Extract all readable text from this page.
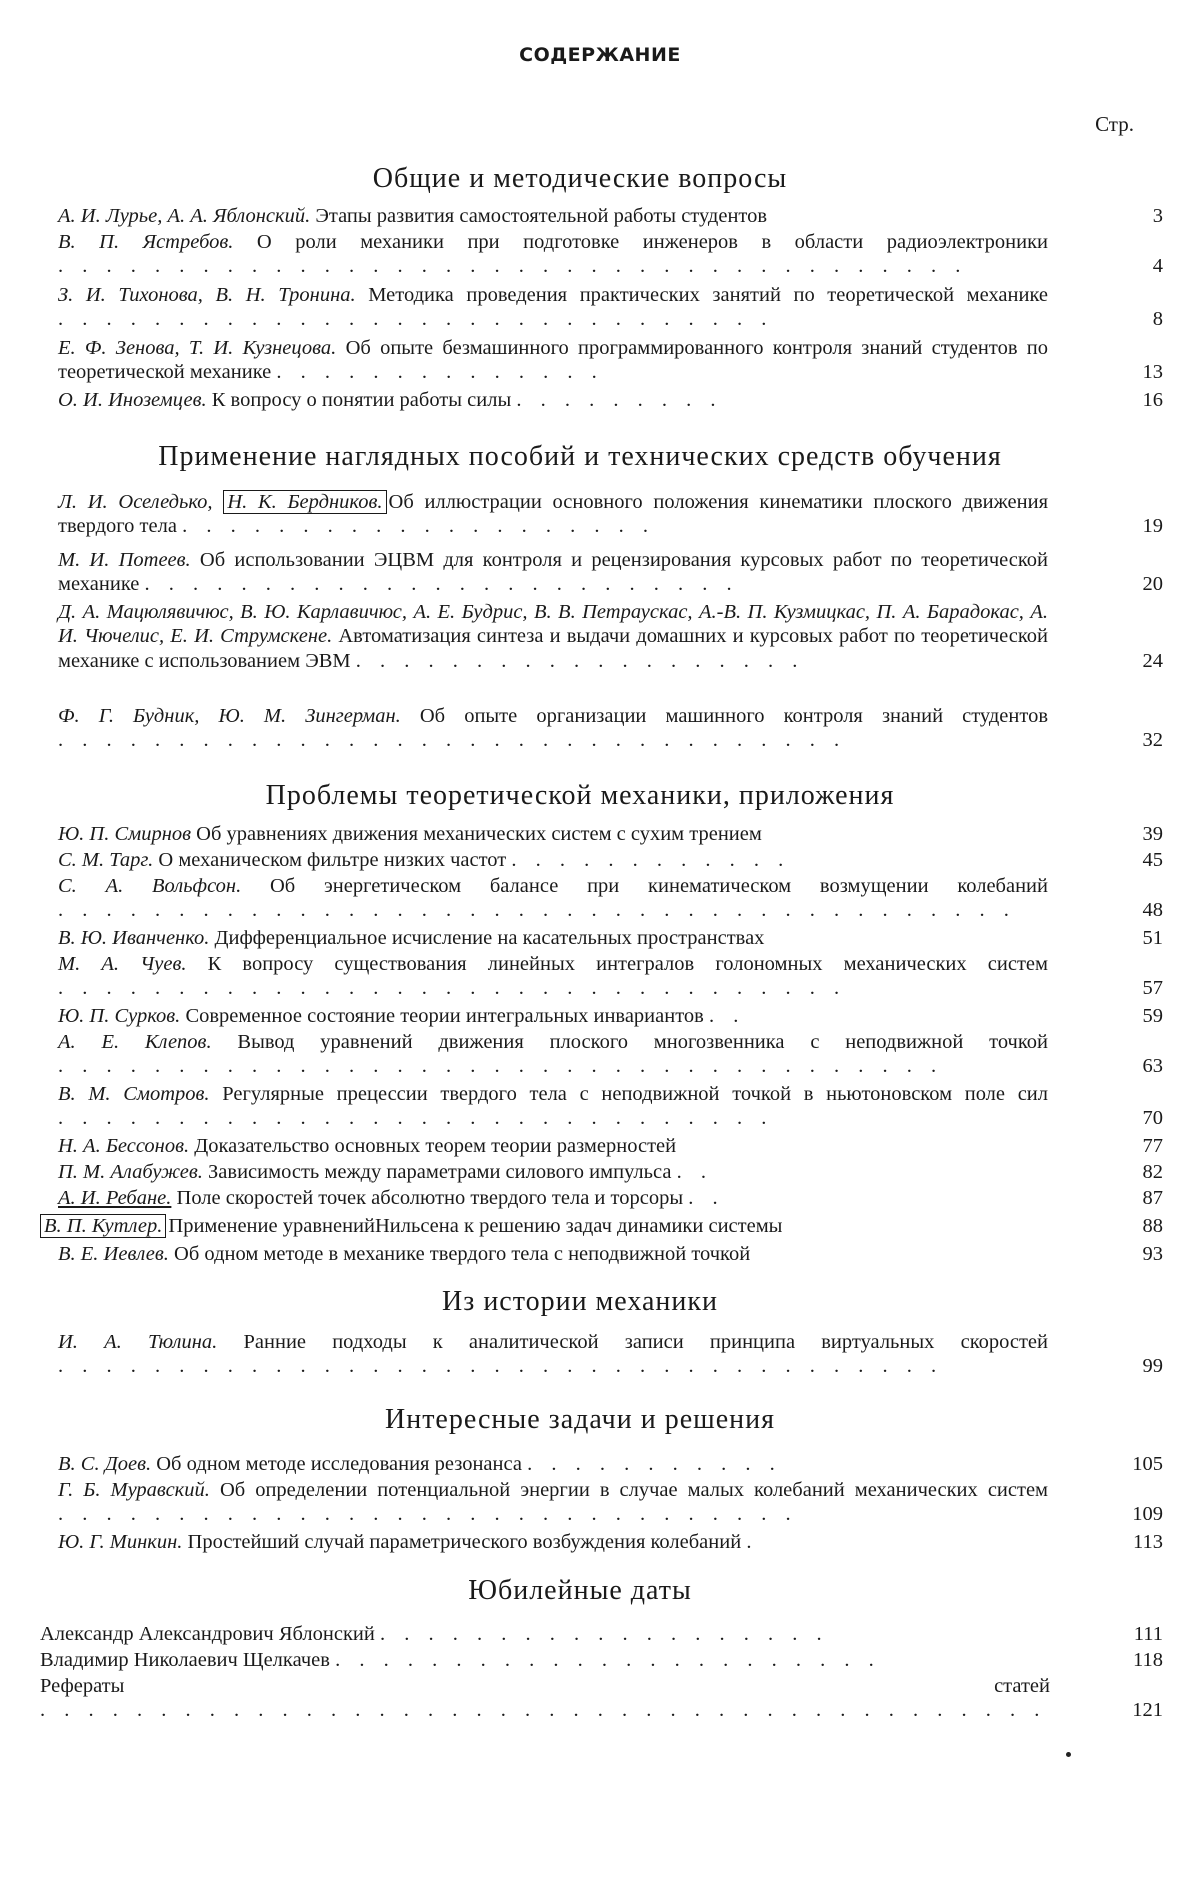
СОДЕРЖАНИЕ
Стр.
Общие и методические вопросы
А. И. Лурье, А. А. Яблонский. Этапы развития самостоятельной работы студентов	3
В. П. Ястребов. О роли механики при подготовке инженеров в области радиоэлектроники . . . . . . . . . . . . . . . . . . . . . . . . . . . . . . . . . . . . . .	4
З. И. Тихонова, В. Н. Тронина. Методика проведения практических занятий по теоретической механике . . . . . . . . . . . . . . . . . . . . . . . . . . . . . .	8
Е. Ф. Зенова, Т. И. Кузнецова. Об опыте безмашинного программированного контроля знаний студентов по теоретической механике . . . . . . . . . . . . . .	13
О. И. Иноземцев. К вопросу о понятии работы силы . . . . . . . . .	16
Применение наглядных пособий и технических средств обучения
Л. И. Оселедько, Н. К. Бердников. Об иллюстрации основного положения кинематики плоского движения твердого тела . . . . . . . . . . . . . . . . . . . .	19
М. И. Потеев. Об использовании ЭЦВМ для контроля и рецензирования курсовых работ по теоретической механике . . . . . . . . . . . . . . . . . . . . . . . . .	20
Д. А. Мацюлявичюс, В. Ю. Карлавичюс, А. Е. Будрис, В. В. Петраускас, А.-В. П. Кузмицкас, П. А. Барадокас, А. И. Чючелис, Е. И. Струмскене. Автоматизация синтеза и выдачи домашних и курсовых работ по теоретической механике с использованием ЭВМ . . . . . . . . . . . . . . . . . . .	24
Ф. Г. Будник, Ю. М. Зингерман. Об опыте организации машинного контроля знаний студентов . . . . . . . . . . . . . . . . . . . . . . . . . . . . . . . . .	32
Проблемы теоретической механики, приложения
Ю. П. Смирнов Об уравнениях движения механических систем с сухим трением	39
С. М. Тарг. О механическом фильтре низких частот . . . . . . . . . . . .	45
С. А. Вольфсон. Об энергетическом балансе при кинематическом возмущении колебаний . . . . . . . . . . . . . . . . . . . . . . . . . . . . . . . . . . . . . . . .	48
В. Ю. Иванченко. Дифференциальное исчисление на касательных пространствах	51
М. А. Чуев. К вопросу существования линейных интегралов голономных механических систем . . . . . . . . . . . . . . . . . . . . . . . . . . . . . . . . .	57
Ю. П. Сурков. Современное состояние теории интегральных инвариантов . .	59
А. Е. Клепов. Вывод уравнений движения плоского многозвенника с неподвижной точкой . . . . . . . . . . . . . . . . . . . . . . . . . . . . . . . . . . . . .	63
В. М. Смотров. Регулярные прецессии твердого тела с неподвижной точкой в ньютоновском поле сил . . . . . . . . . . . . . . . . . . . . . . . . . . . . . .	70
Н. А. Бессонов. Доказательство основных теорем теории размерностей	77
П. М. Алабужев. Зависимость между параметрами силового импульса . .	82
А. И. Ребане. Поле скоростей точек абсолютно твердого тела и торсоры . .	87
В. П. Кутлер. Применение уравненийНильсена к решению задач динамики системы	88
В. Е. Иевлев. Об одном методе в механике твердого тела с неподвижной точкой	93
Из истории механики
И. А. Тюлина. Ранние подходы к аналитической записи принципа виртуальных скоростей . . . . . . . . . . . . . . . . . . . . . . . . . . . . . . . . . . . . .	99
Интересные задачи и решения
В. С. Доев. Об одном методе исследования резонанса . . . . . . . . . . .	105
Г. Б. Муравский. Об определении потенциальной энергии в случае малых колебаний механических систем . . . . . . . . . . . . . . . . . . . . . . . . . . . . . . .	109
Ю. Г. Минкин. Простейший случай параметрического возбуждения колебаний .	113
Юбилейные даты
Александр Александрович Яблонский . . . . . . . . . . . . . . . . . . .	111
Владимир Николаевич Щелкачев . . . . . . . . . . . . . . . . . . . . . . .	118
Рефераты статей . . . . . . . . . . . . . . . . . . . . . . . . . . . . . . . . . . . . . . . . . .	121
